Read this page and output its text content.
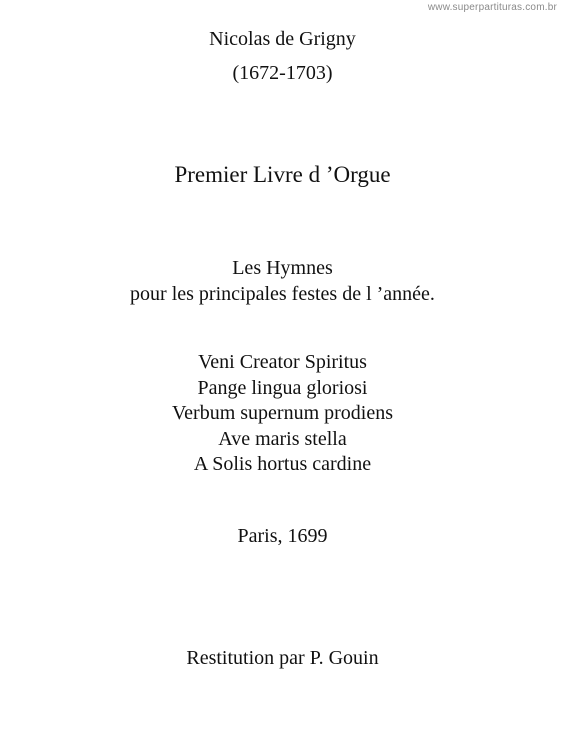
www.superpartituras.com.br
Nicolas de Grigny
(1672-1703)
Premier Livre d ’Orgue
Les Hymnes
pour les principales festes de l ’année.
Veni Creator Spiritus
Pange lingua gloriosi
Verbum supernum prodiens
Ave maris stella
A Solis hortus cardine
Paris, 1699
Restitution par P. Gouin
